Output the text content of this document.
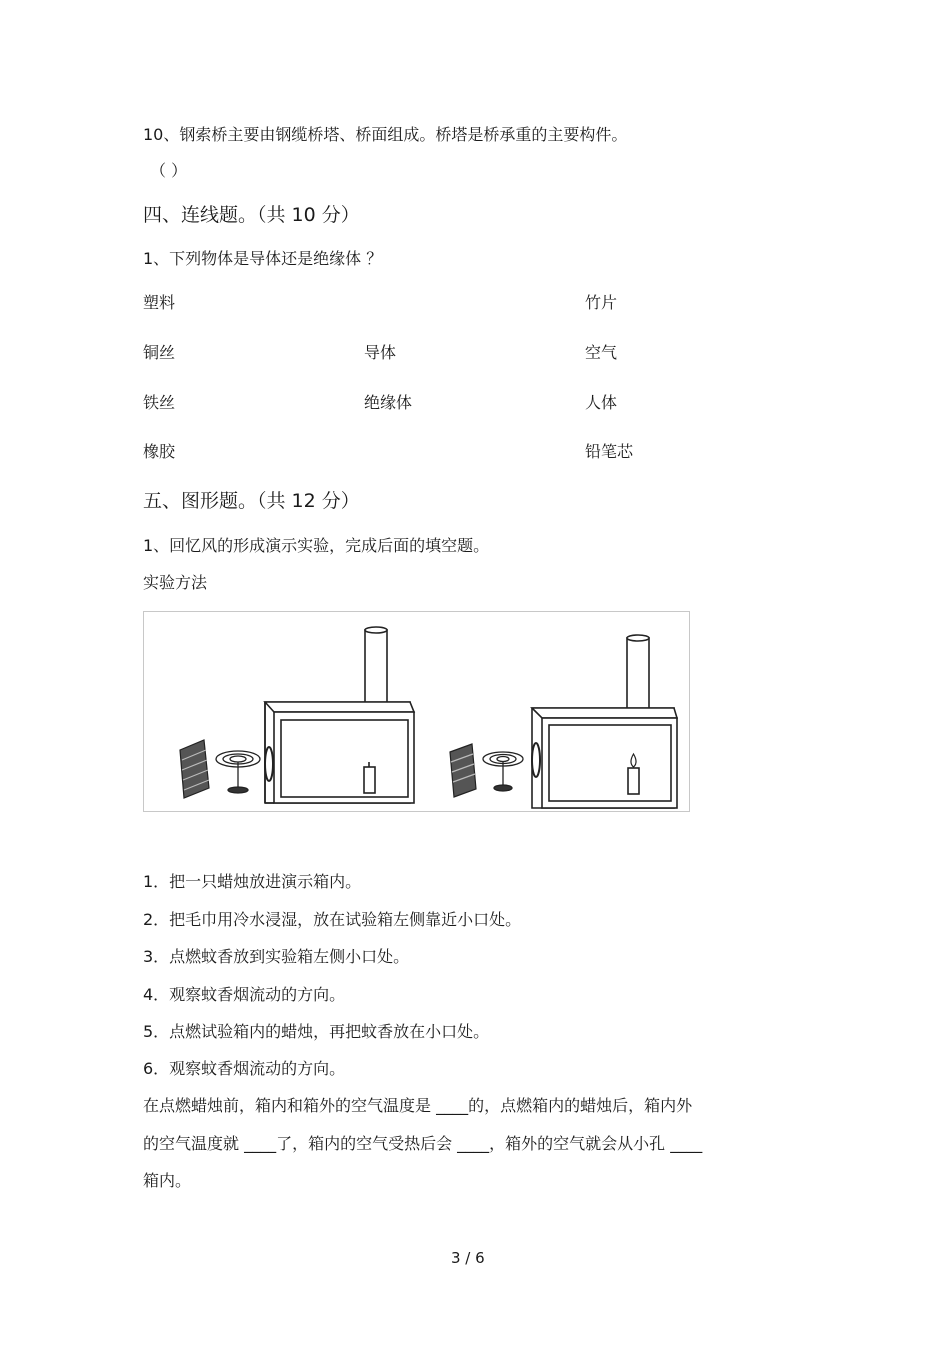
10、钢索桥主要由钢缆桥塔、桥面组成。桥塔是桥承重的主要构件。
（ ）
四、连线题。（共 10 分）
1、下列物体是导体还是绝缘体 ？
塑料
铜丝
铁丝
橡胶
导体
绝缘体
竹片
空气
人体
铅笔芯
五、图形题。（共 12 分）
1、回忆风的形成演示实验，完成后面的填空题。
实验方法
1．把一只蜡烛放进演示箱内。
2．把毛巾用冷水浸湿，放在试验箱左侧靠近小口处。
3．点燃蚊香放到实验箱左侧小口处。
4．观察蚊香烟流动的方向。
5．点燃试验箱内的蜡烛，再把蚊香放在小口处。
6．观察蚊香烟流动的方向。
在点燃蜡烛前，箱内和箱外的空气温度是 ____的，点燃箱内的蜡烛后，箱内外
的空气温度就 ____了，箱内的空气受热后会 ____，箱外的空气就会从小孔 ____
箱内。
3 / 6
